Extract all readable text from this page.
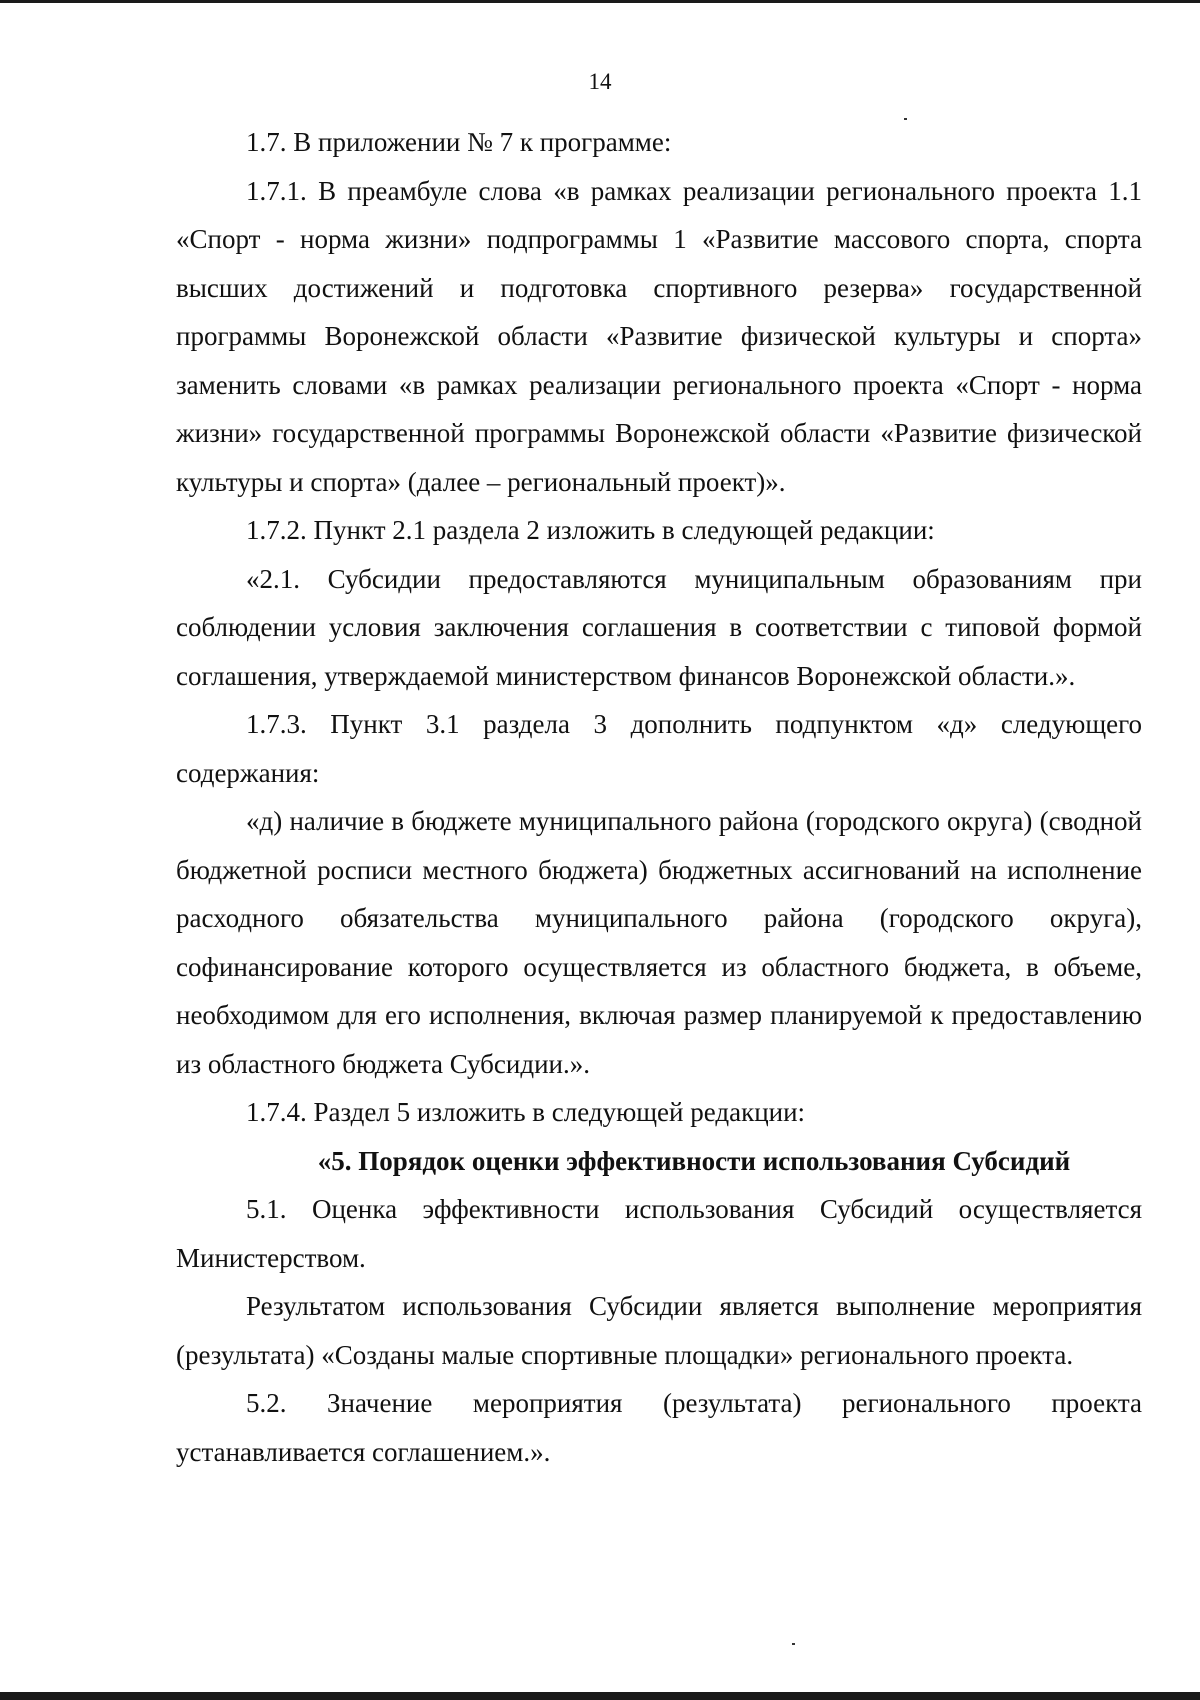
14

1.7. В приложении № 7 к программе:

1.7.1. В преамбуле слова «в рамках реализации регионального проекта 1.1 «Спорт - норма жизни» подпрограммы 1 «Развитие массового спорта, спорта высших достижений и подготовка спортивного резерва» государственной программы Воронежской области «Развитие физической культуры и спорта» заменить словами «в рамках реализации регионального проекта «Спорт - норма жизни» государственной программы Воронежской области «Развитие физической культуры и спорта» (далее – региональный проект)».

1.7.2. Пункт 2.1 раздела 2 изложить в следующей редакции:

«2.1. Субсидии предоставляются муниципальным образованиям при соблюдении условия заключения соглашения в соответствии с типовой формой соглашения, утверждаемой министерством финансов Воронежской области.».

1.7.3. Пункт 3.1 раздела 3 дополнить подпунктом «д» следующего содержания:

«д) наличие в бюджете муниципального района (городского округа) (сводной бюджетной росписи местного бюджета) бюджетных ассигнований на исполнение расходного обязательства муниципального района (городского округа), софинансирование которого осуществляется из областного бюджета, в объеме, необходимом для его исполнения, включая размер планируемой к предоставлению из областного бюджета Субсидии.».

1.7.4. Раздел 5 изложить в следующей редакции:

«5. Порядок оценки эффективности использования Субсидий

5.1. Оценка эффективности использования Субсидий осуществляется Министерством.

Результатом использования Субсидии является выполнение мероприятия (результата) «Созданы малые спортивные площадки» регионального проекта.

5.2. Значение мероприятия (результата) регионального проекта устанавливается соглашением.».
